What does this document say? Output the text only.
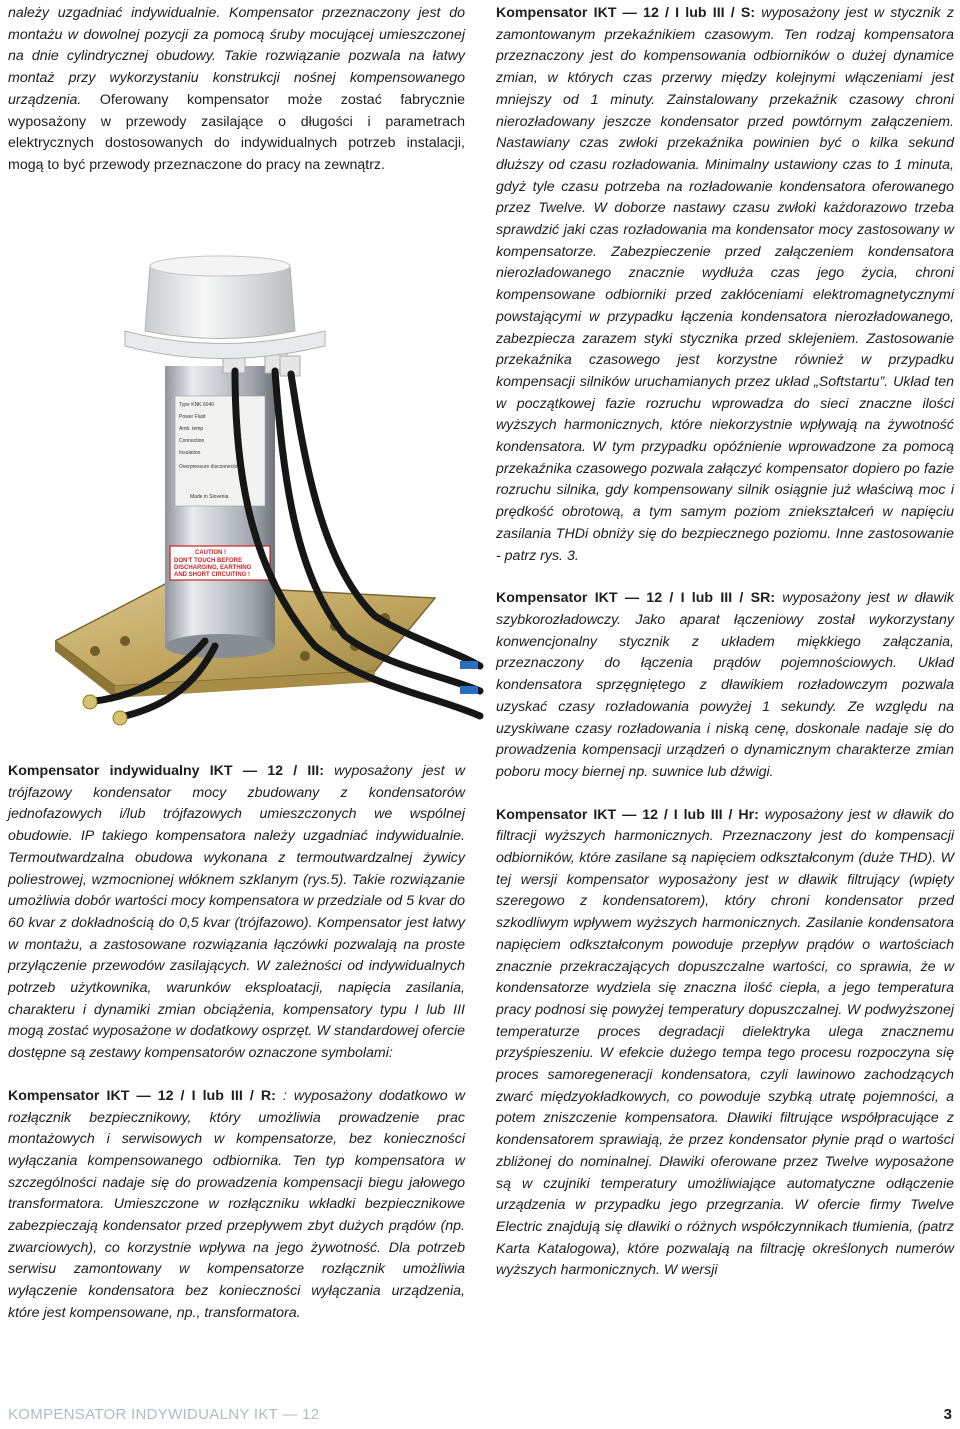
należy uzgadniać indywidualnie. Kompensator przeznaczony jest do montażu w dowolnej pozycji za pomocą śruby mocującej umieszczonej na dnie cylindrycznej obudowy. Takie rozwiązanie pozwala na łatwy montaż przy wykorzystaniu konstrukcji nośnej kompensowanego urządzenia. Oferowany kompensator może zostać fabrycznie wyposażony w przewody zasilające o długości i parametrach elektrycznych dostosowanych do indywidualnych potrzeb instalacji, mogą to być przewody przeznaczone do pracy na zewnątrz.

Type KNK 6040
Power Fluid
Amb. temp
Connection
Insulation
Overpressure disconnector
Made in Slovenia
CAUTION !
DON'T TOUCH BEFORE
DISCHARGING, EARTHING
AND SHORT CIRCUITING !

Kompensator indywidualny IKT — 12 / III: wyposażony jest w trójfazowy kondensator mocy zbudowany z kondensatorów jednofazowych i/lub trójfazowych umieszczonych we wspólnej obudowie. IP takiego kompensatora należy uzgadniać indywidualnie. Termoutwardzalna obudowa wykonana z termoutwardzalnej żywicy poliestrowej, wzmocnionej włóknem szklanym (rys.5). Takie rozwiązanie umożliwia dobór wartości mocy kompensatora w przedziale od 5 kvar do 60 kvar z dokładnością do 0,5 kvar (trójfazowo). Kompensator jest łatwy w montażu, a zastosowane rozwiązania łączówki pozwalają na proste przyłączenie przewodów zasilających. W zależności od indywidualnych potrzeb użytkownika, warunków eksploatacji, napięcia zasilania, charakteru i dynamiki zmian obciążenia, kompensatory typu I lub III mogą zostać wyposażone w dodatkowy osprzęt. W standardowej ofercie dostępne są zestawy kompensatorów oznaczone symbolami:

Kompensator IKT — 12 / I lub III / R: : wyposażony dodatkowo w rozłącznik bezpiecznikowy, który umożliwia prowadzenie prac montażowych i serwisowych w kompensatorze, bez konieczności wyłączania kompensowanego odbiornika. Ten typ kompensatora w szczególności nadaje się do prowadzenia kompensacji biegu jałowego transformatora. Umieszczone w rozłączniku wkładki bezpiecznikowe zabezpieczają kondensator przed przepływem zbyt dużych prądów (np. zwarciowych), co korzystnie wpływa na jego żywotność. Dla potrzeb serwisu zamontowany w kompensatorze rozłącznik umożliwia wyłączenie kondensatora bez konieczności wyłączania urządzenia, które jest kompensowane, np., transformatora.

Kompensator IKT — 12 / I lub III / S: wyposażony jest w stycznik z zamontowanym przekaźnikiem czasowym. Ten rodzaj kompensatora przeznaczony jest do kompensowania odbiorników o dużej dynamice zmian, w których czas przerwy między kolejnymi włączeniami jest mniejszy od 1 minuty. Zainstalowany przekaźnik czasowy chroni nierozładowany jeszcze kondensator przed powtórnym załączeniem. Nastawiany czas zwłoki przekaźnika powinien być o kilka sekund dłuższy od czasu rozładowania. Minimalny ustawiony czas to 1 minuta, gdyż tyle czasu potrzeba na rozładowanie kondensatora oferowanego przez Twelve. W doborze nastawy czasu zwłoki każdorazowo trzeba sprawdzić jaki czas rozładowania ma kondensator mocy zastosowany w kompensatorze. Zabezpieczenie przed załączeniem kondensatora nierozładowanego znacznie wydłuża czas jego życia, chroni kompensowane odbiorniki przed zakłóceniami elektromagnetycznymi powstającymi w przypadku łączenia kondensatora nierozładowanego, zabezpiecza zarazem styki stycznika przed sklejeniem. Zastosowanie przekaźnika czasowego jest korzystne również w przypadku kompensacji silników uruchamianych przez układ „Softstartu”. Układ ten w początkowej fazie rozruchu wprowadza do sieci znaczne ilości wyższych harmonicznych, które niekorzystnie wpływają na żywotność kondensatora. W tym przypadku opóźnienie wprowadzone za pomocą przekaźnika czasowego pozwala załączyć kompensator dopiero po fazie rozruchu silnika, gdy kompensowany silnik osiągnie już właściwą moc i prędkość obrotową, a tym samym poziom zniekształceń w napięciu zasilania THDi obniży się do bezpiecznego poziomu. Inne zastosowanie - patrz rys. 3.

Kompensator IKT — 12 / I lub III / SR: wyposażony jest w dławik szybkorozładowczy. Jako aparat łączeniowy został wykorzystany konwencjonalny stycznik z układem miękkiego załączania, przeznaczony do łączenia prądów pojemnościowych. Układ kondensatora sprzęgniętego z dławikiem rozładowczym pozwala uzyskać czasy rozładowania powyżej 1 sekundy. Ze względu na uzyskiwane czasy rozładowania i niską cenę, doskonale nadaje się do prowadzenia kompensacji urządzeń o dynamicznym charakterze zmian poboru mocy biernej np. suwnice lub dźwigi.

Kompensator IKT — 12 / I lub III / Hr: wyposażony jest w dławik do filtracji wyższych harmonicznych. Przeznaczony jest do kompensacji odbiorników, które zasilane są napięciem odkształconym (duże THD). W tej wersji kompensator wyposażony jest w dławik filtrujący (wpięty szeregowo z kondensatorem), który chroni kondensator przed szkodliwym wpływem wyższych harmonicznych. Zasilanie kondensatora napięciem odkształconym powoduje przepływ prądów o wartościach znacznie przekraczających dopuszczalne wartości, co sprawia, że w kondensatorze wydziela się znaczna ilość ciepła, a jego temperatura pracy podnosi się powyżej temperatury dopuszczalnej. W podwyższonej temperaturze proces degradacji dielektryka ulega znacznemu przyśpieszeniu. W efekcie dużego tempa tego procesu rozpoczyna się proces samoregeneracji kondensatora, czyli lawinowo zachodzących zwarć międzyokładkowych, co powoduje szybką utratę pojemności, a potem zniszczenie kompensatora. Dławiki filtrujące współpracujące z kondensatorem sprawiają, że przez kondensator płynie prąd o wartości zbliżonej do nominalnej. Dławiki oferowane przez Twelve wyposażone są w czujniki temperatury umożliwiające automatyczne odłączenie urządzenia w przypadku jego przegrzania. W ofercie firmy Twelve Electric znajdują się dławiki o różnych współczynnikach tłumienia, (patrz Karta Katalogowa), które pozwalają na filtrację określonych numerów wyższych harmonicznych. W wersji

KOMPENSATOR INDYWIDUALNY IKT — 12	3
